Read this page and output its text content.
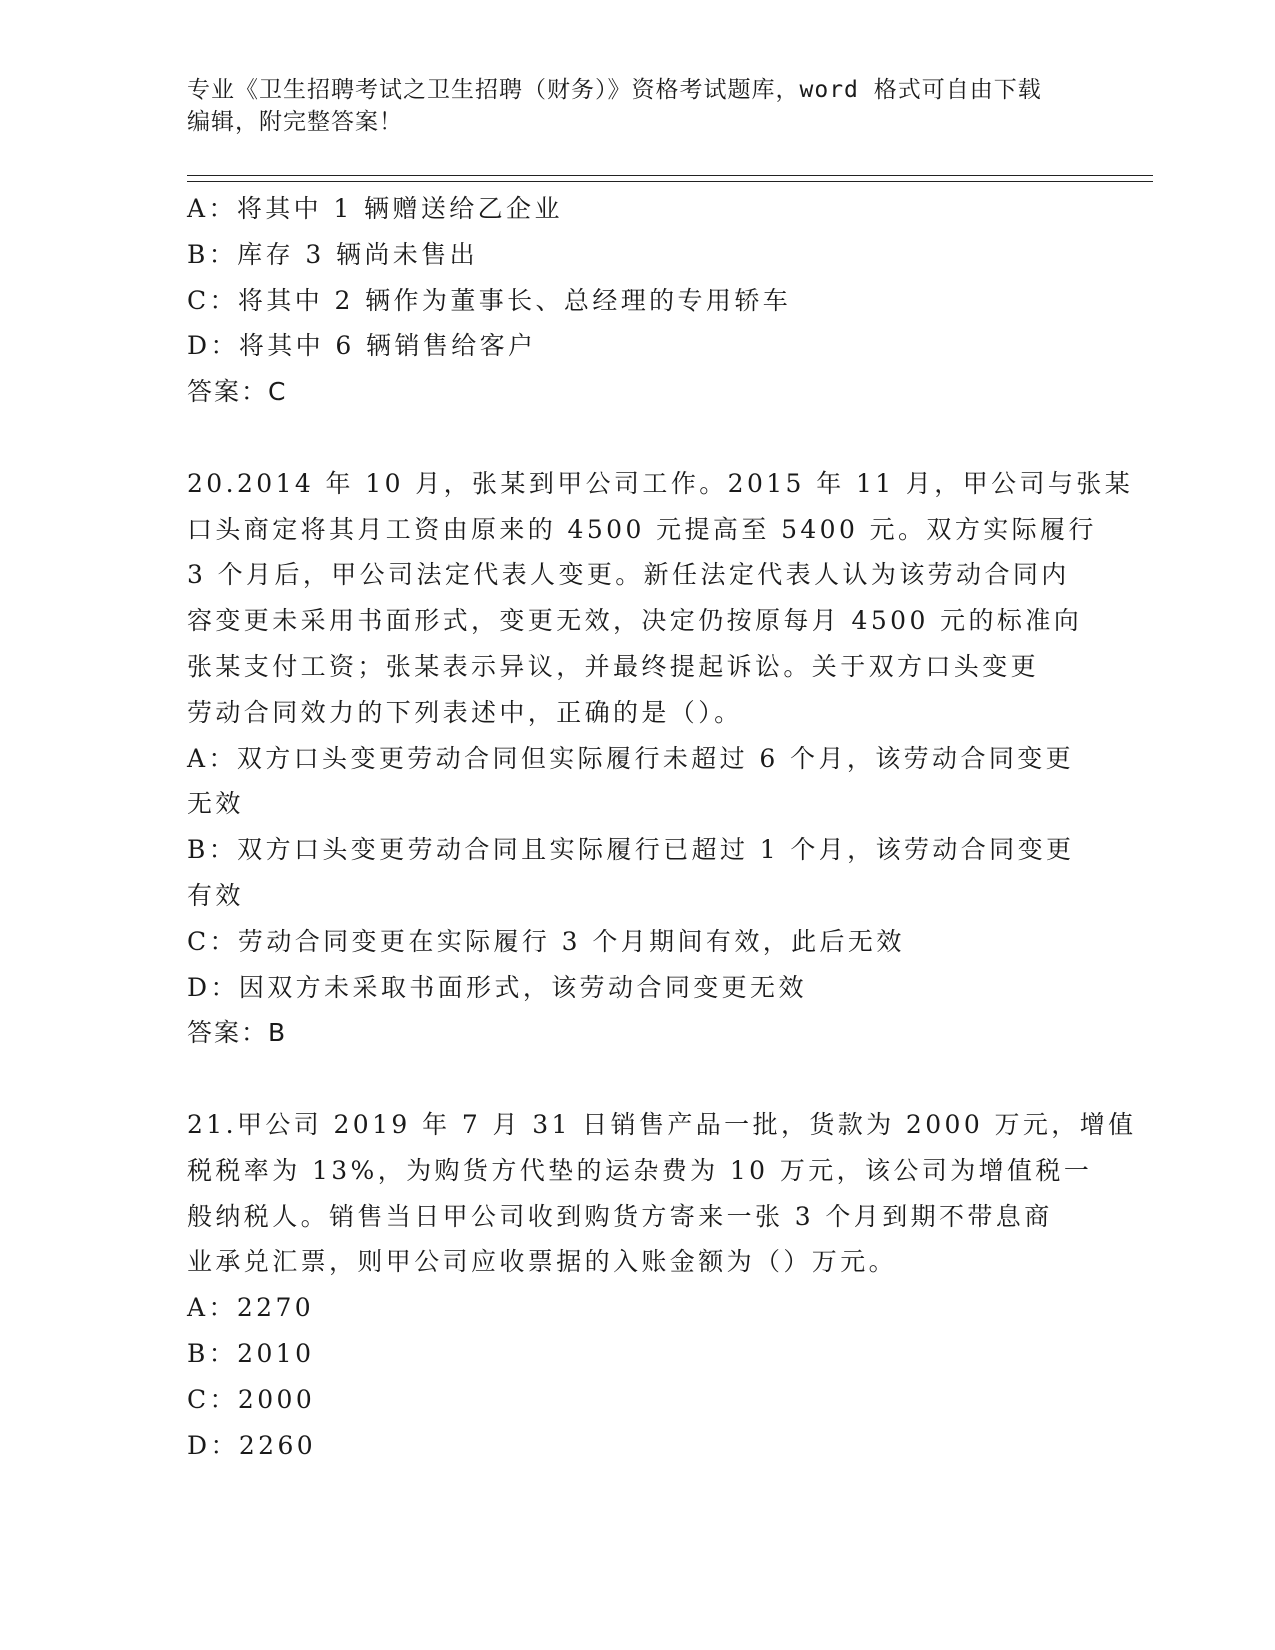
专业《卫生招聘考试之卫生招聘（财务）》资格考试题库，word 格式可自由下载
编辑，附完整答案！
A：将其中 1 辆赠送给乙企业
B：库存 3 辆尚未售出
C：将其中 2 辆作为董事长、总经理的专用轿车
D：将其中 6 辆销售给客户
答案：C
20.2014 年 10 月，张某到甲公司工作。2015 年 11 月，甲公司与张某
口头商定将其月工资由原来的 4500 元提高至 5400 元。双方实际履行
3 个月后，甲公司法定代表人变更。新任法定代表人认为该劳动合同内
容变更未采用书面形式，变更无效，决定仍按原每月 4500 元的标准向
张某支付工资；张某表示异议，并最终提起诉讼。关于双方口头变更
劳动合同效力的下列表述中，正确的是（）。
A：双方口头变更劳动合同但实际履行未超过 6 个月，该劳动合同变更
无效
B：双方口头变更劳动合同且实际履行已超过 1 个月，该劳动合同变更
有效
C：劳动合同变更在实际履行 3 个月期间有效，此后无效
D：因双方未采取书面形式，该劳动合同变更无效
答案：B
21.甲公司 2019 年 7 月 31 日销售产品一批，货款为 2000 万元，增值
税税率为 13%，为购货方代垫的运杂费为 10 万元，该公司为增值税一
般纳税人。销售当日甲公司收到购货方寄来一张 3 个月到期不带息商
业承兑汇票，则甲公司应收票据的入账金额为（）万元。
A：2270
B：2010
C：2000
D：2260
